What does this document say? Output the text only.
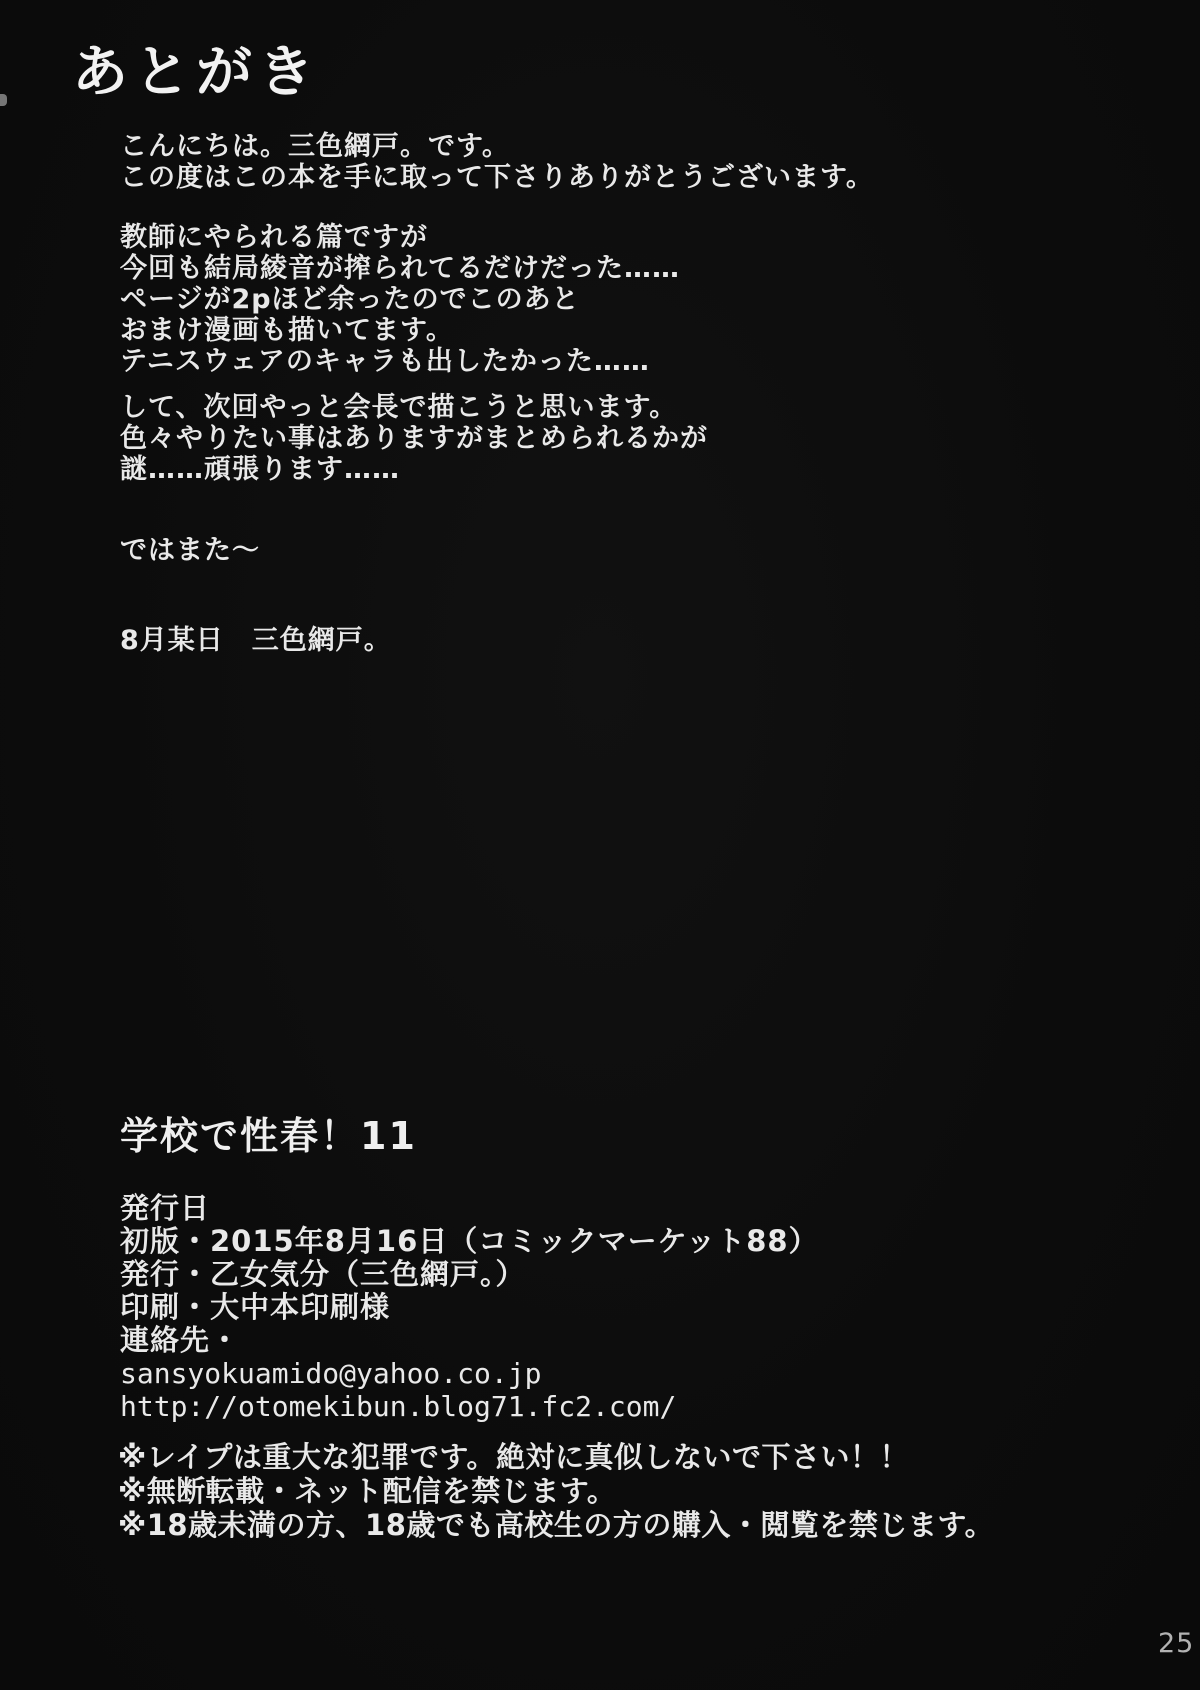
あとがき
こんにちは。三色網戸。です。
この度はこの本を手に取って下さりありがとうございます。
教師にやられる篇ですが
今回も結局綾音が搾られてるだけだった……
ページが2pほど余ったのでこのあと
おまけ漫画も描いてます。
テニスウェアのキャラも出したかった……
して、次回やっと会長で描こうと思います。
色々やりたい事はありますがまとめられるかが
謎……頑張ります……
ではまた～
8月某日　三色網戸。
学校で性春！11
発行日
初版・2015年8月16日（コミックマーケット88）
発行・乙女気分（三色網戸。）
印刷・大中本印刷様
連絡先・
sansyokuamido@yahoo.co.jp
http://otomekibun.blog71.fc2.com/
※レイプは重大な犯罪です。絶対に真似しないで下さい！！
※無断転載・ネット配信を禁じます。
※18歳未満の方、18歳でも高校生の方の購入・閲覧を禁じます。
25
